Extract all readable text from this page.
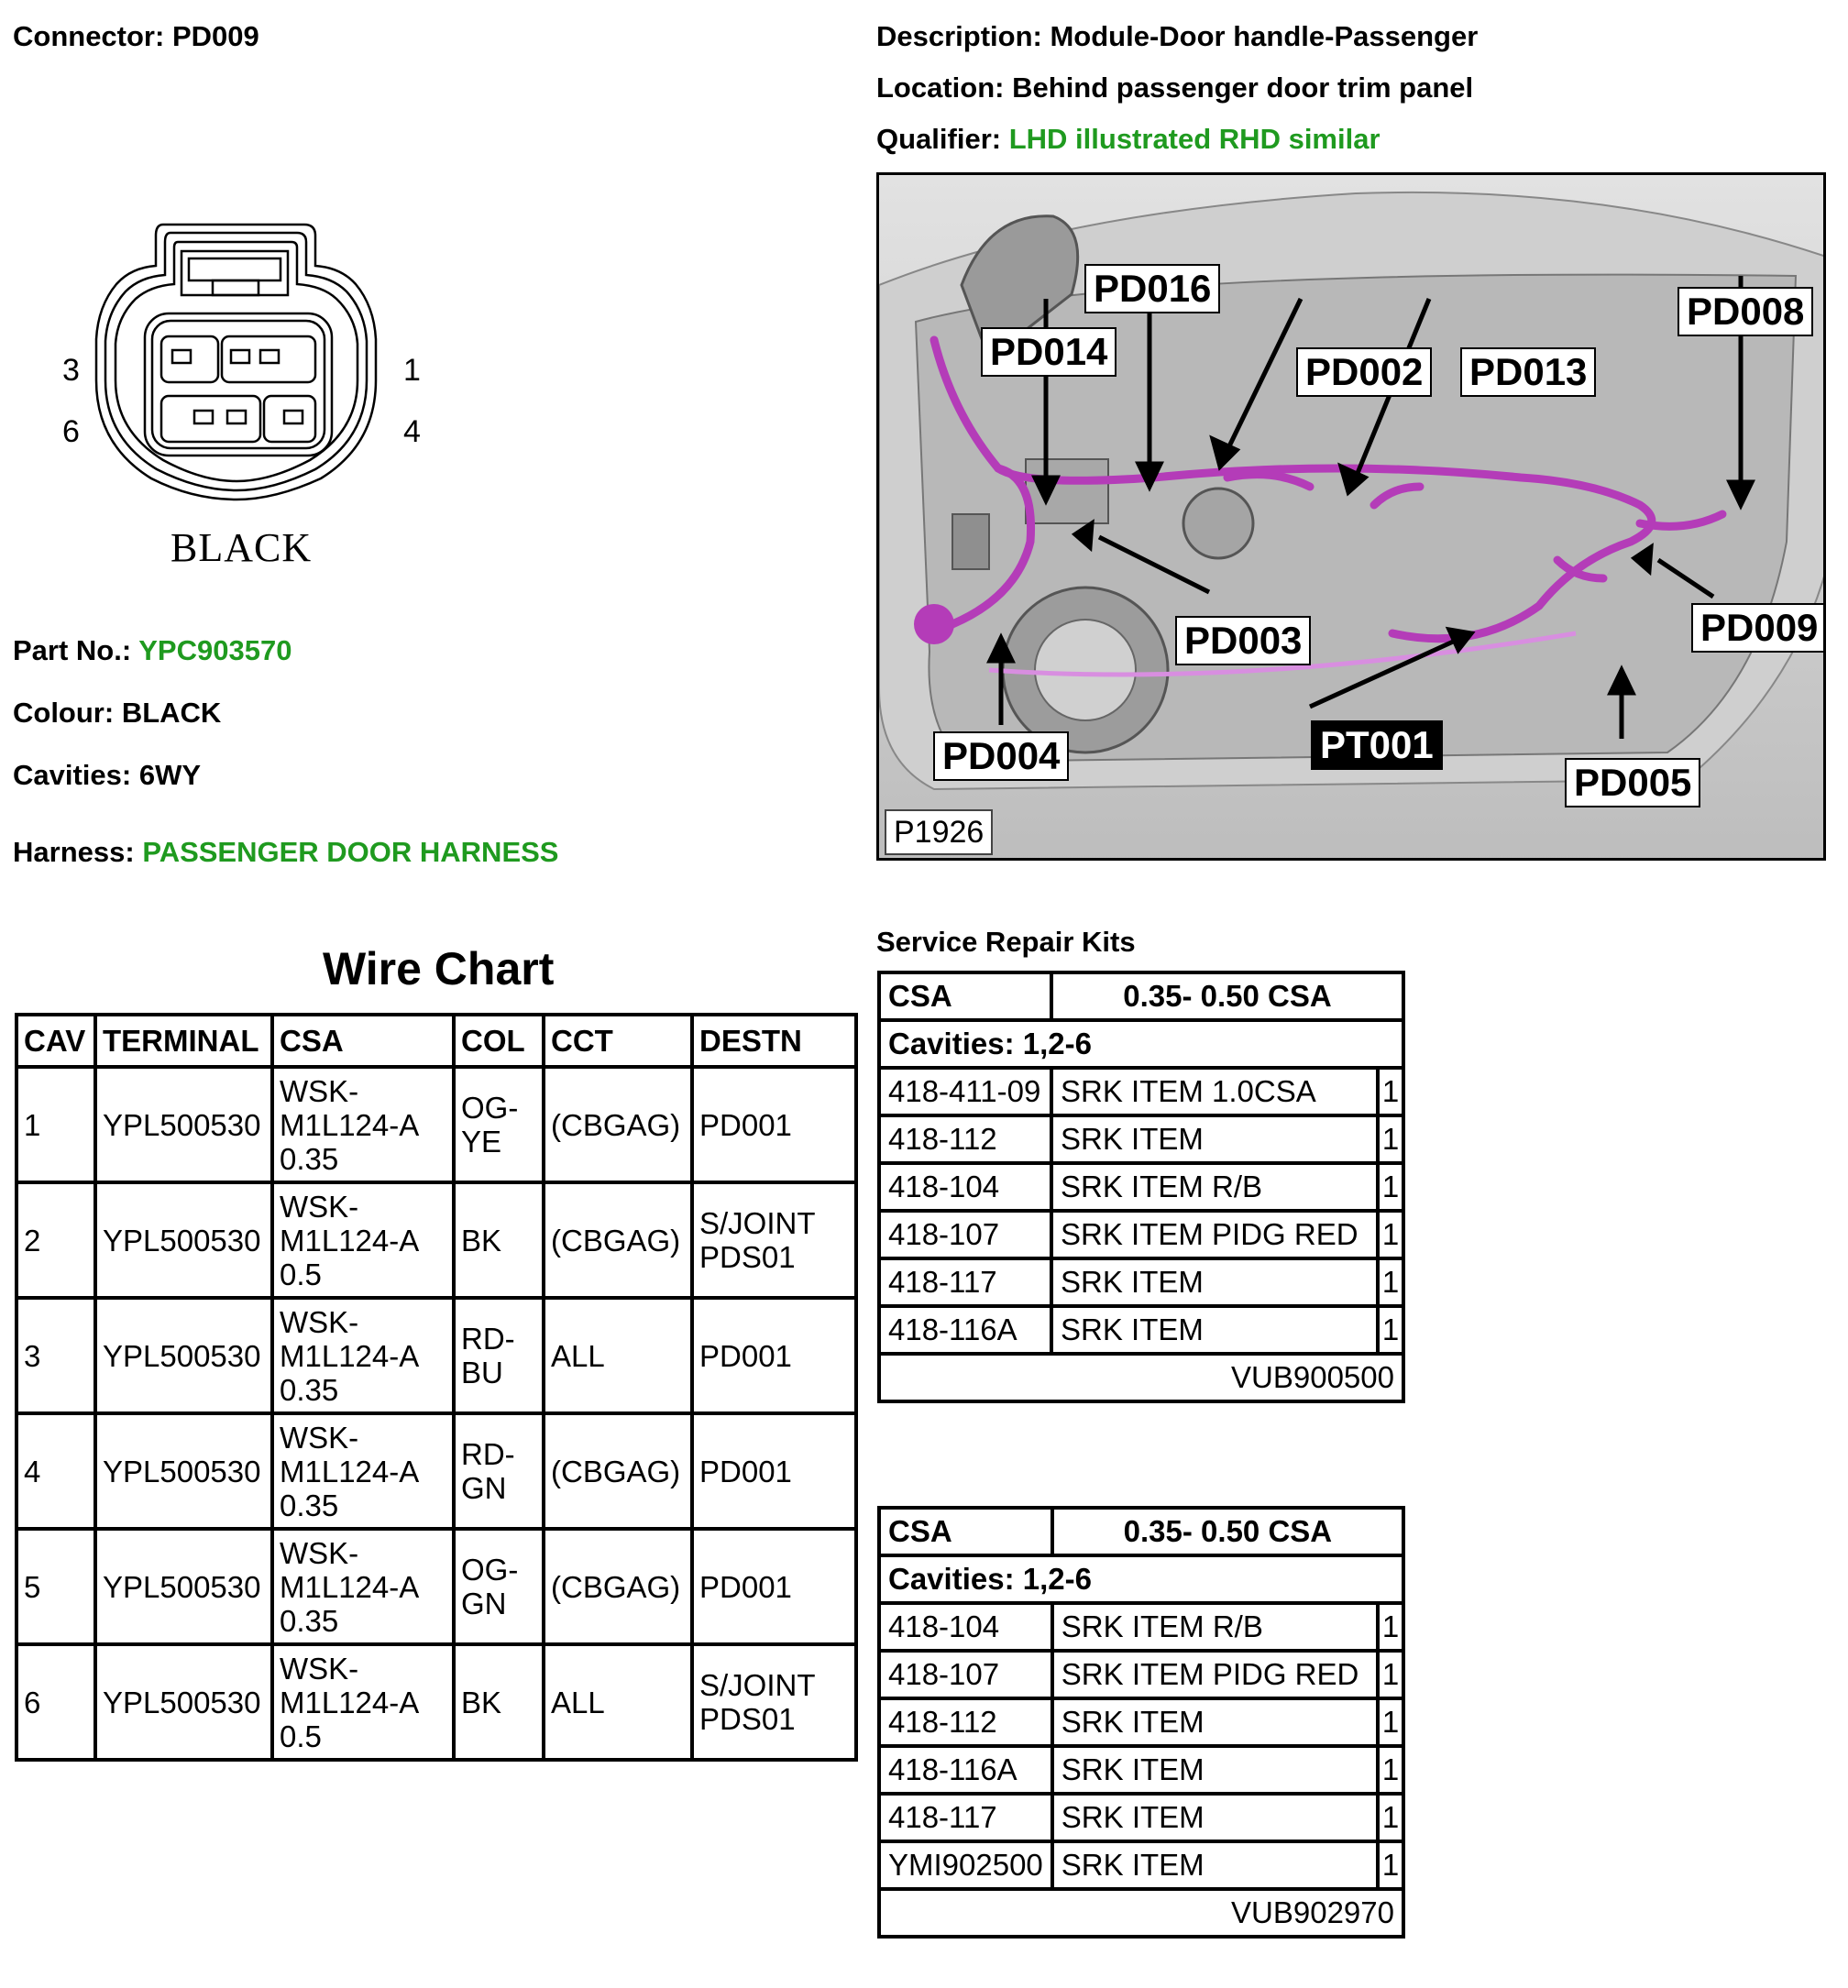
Connector: PD009	Description: Module-Door handle-Passenger
Location: Behind passenger door trim panel
Qualifier: LHD illustrated RHD similar
3	1
6	4
BLACK
Part No.: YPC903570
Colour: BLACK
Cavities: 6WY
Harness: PASSENGER DOOR HARNESS
PD016
PD014	PD002 PD013
PD008
PD003	PD009
PD004	PT001
PD005
P1926
Wire Chart
CAV	TERMINAL	CSA	COL	CCT	DESTN
1	YPL500530	WSK-
M1L124-A
0.35	OG-
YE	(CBGAG)	PD001

2	YPL500530	WSK-
M1L124-A
0.5	BK	(CBGAG)	S/JOINT
PDS01
3	YPL500530	WSK-
M1L124-A
0.35	RD-
BU	ALL	PD001

4	YPL500530	WSK-
M1L124-A
0.35	RD-
GN	(CBGAG)	PD001

5	YPL500530	WSK-
M1L124-A
0.35	OG-
GN	(CBGAG)	PD001

6	YPL500530	WSK-
M1L124-A
0.5	BK	ALL	S/JOINT
PDS01
Service Repair Kits
CSA	0.35- 0.50 CSA	
Cavities: 1,2-6		
418-411-09	SRK ITEM 1.0CSA	1
418-112	SRK ITEM	1
418-104	SRK ITEM R/B	1
418-107	SRK ITEM PIDG RED	1
418-117	SRK ITEM	1
418-116A	SRK ITEM	1
VUB900500		
CSA	0.35- 0.50 CSA	
Cavities: 1,2-6		
418-104	SRK ITEM R/B	1
418-107	SRK ITEM PIDG RED	1
418-112	SRK ITEM	1
418-116A	SRK ITEM	1
418-117	SRK ITEM	1
YMI902500	SRK ITEM	1
VUB902970		
